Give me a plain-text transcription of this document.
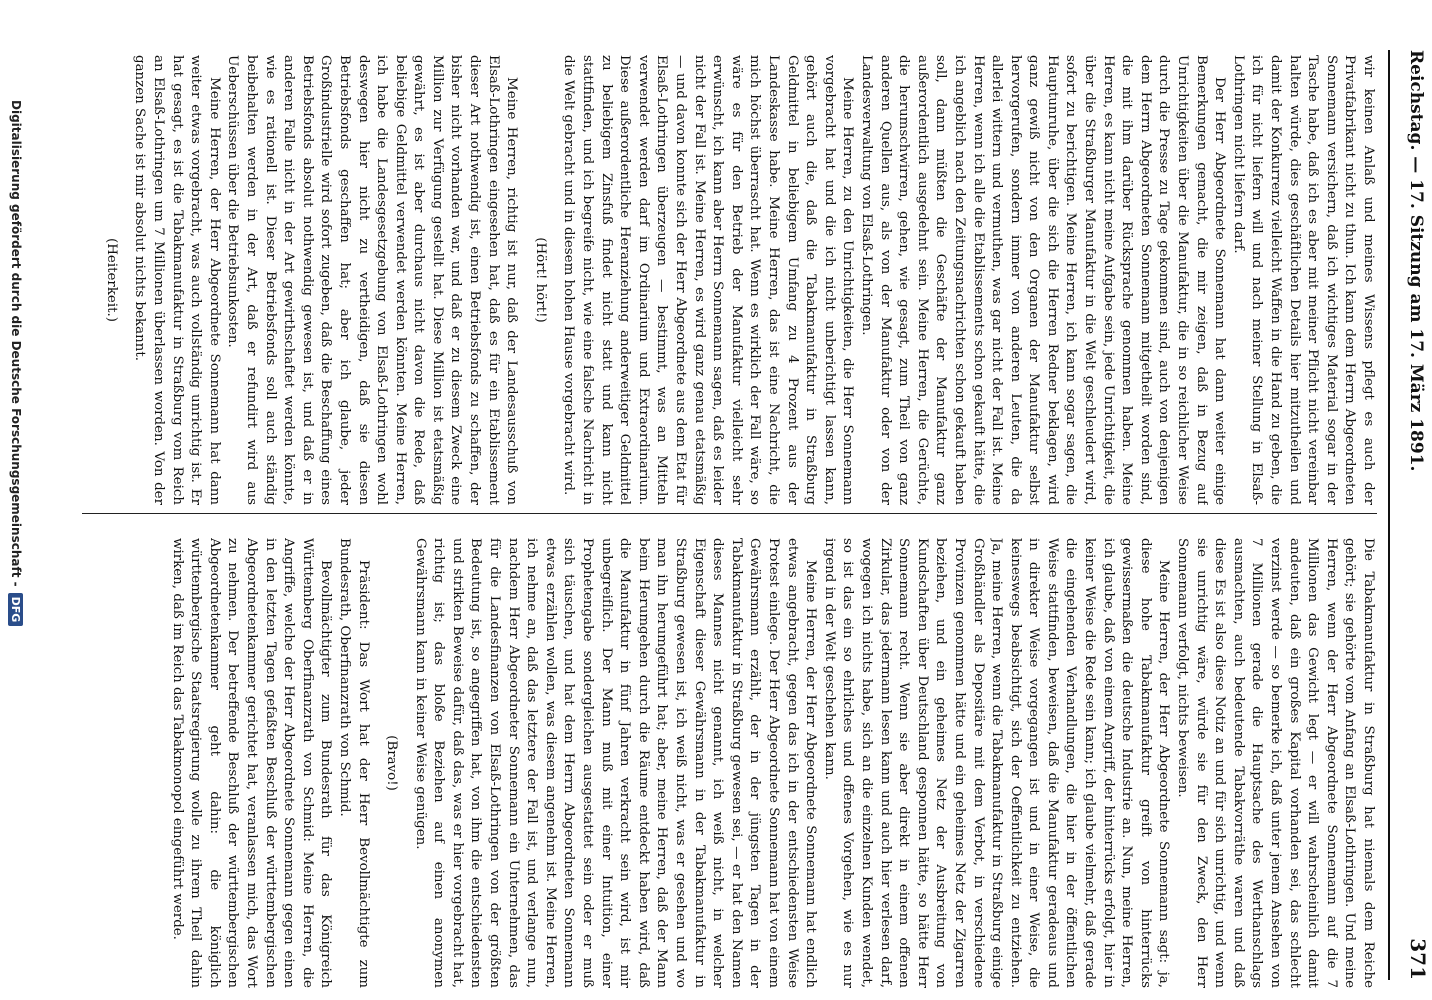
Reichstag. — 17. Sitzung am 17. März 1891.
371

wir keinen Anlaß und meines Wissens pflegt es auch der Privatfabrikant nicht zu thun. Ich kann dem Herrn Abgeordneten Sonnemann versichern, daß ich wichtiges Material sogar in der Tasche habe, daß ich es aber mit meiner Pflicht nicht vereinbar halten würde, dies geschäftlichen Details hier mitzutheilen und damit der Konkurrenz vielleicht Waffen in die Hand zu geben, die ich für nicht liefern will und nach meiner Stellung in Elsaß-Lothringen nicht liefern darf.

Der Herr Abgeordnete Sonnemann hat dann weiter einige Bemerkungen gemacht, die mir zeigen, daß in Bezug auf Unrichtigkeiten über die Manufaktur, die in so reichlicher Weise durch die Presse zu Tage gekommen sind, auch von denjenigen dem Herrn Abgeordneten Sonnemann mitgetheilt worden sind, die mit ihm darüber Rücksprache genommen haben. Meine Herren, es kann nicht meine Aufgabe sein, jede Unrichtigkeit, die über die Straßburger Manufaktur in die Welt geschleudert wird, sofort zu berichtigen. Meine Herren, ich kann sogar sagen, die Hauptunruhe, über die sich die Herren Redner beklagen, wird ganz gewiß nicht von den Organen der Manufaktur selbst hervorgerufen, sondern immer von anderen Leuten, die da allerlei wittern und vermuthen, was gar nicht der Fall ist. Meine Herren, wenn ich alle die Etablissements schon gekauft hätte, die ich angeblich nach den Zeitungsnachrichten schon gekauft haben soll, dann müßten die Geschäfte der Manufaktur ganz außerordentlich ausgedehnt sein. Meine Herren, die Gerüchte, die herumschwirren, gehen, wie gesagt, zum Theil von ganz anderen Quellen aus, als von der Manufaktur oder von der Landesverwaltung von Elsaß-Lothringen.

Meine Herren, zu den Unrichtigkeiten, die Herr Sonnemann vorgebracht hat und die ich nicht unberichtigt lassen kann, gehört auch die, daß die Tabakmanufaktur in Straßburg Geldmittel in beliebigem Umfang zu 4 Prozent aus der Landeskasse habe. Meine Herren, das ist eine Nachricht, die mich höchst überrascht hat. Wenn es wirklich der Fall wäre, so wäre es für den Betrieb der Manufaktur vielleicht sehr erwünscht, ich kann aber Herrn Sonnemann sagen, daß es leider nicht der Fall ist. Meine Herren, es wird ganz genau etatsmäßig — und davon konnte sich der Herr Abgeordnete aus dem Etat für Elsaß-Lothringen überzeugen — bestimmt, was an Mitteln verwendet werden darf im Ordinarium und Extraordinarium. Diese außerordentliche Heranziehung anderweitiger Geldmittel zu beliebigem Zinsfuß findet nicht statt und kann nicht stattfinden, und ich begreife nicht, wie eine falsche Nachricht in die Welt gebracht und in diesem hohen Hause vorgebracht wird.

(Hört! hört!)

Meine Herren, richtig ist nur, daß der Landesausschuß von Elsaß-Lothringen eingesehen hat, daß es für ein Etablissement dieser Art nothwendig ist, einen Betriebsfonds zu schaffen, der bisher nicht vorhanden war, und daß er zu diesem Zweck eine Million zur Verfügung gestellt hat. Diese Million ist etatsmäßig gewährt, es ist aber durchaus nicht davon die Rede, daß beliebige Geldmittel verwendet werden könnten. Meine Herren, ich habe die Landesgesetzgebung von Elsaß-Lothringen wohl deswegen hier nicht zu vertheidigen, daß sie diesen Betriebsfonds geschaffen hat; aber ich glaube, jeder Großindustrielle wird sofort zugeben, daß die Beschaffung eines Betriebsfonds absolut nothwendig gewesen ist, und daß er in anderen Falle nicht in der Art gewirthschaftet werden könnte, wie es rationell ist. Dieser Betriebsfonds soll auch ständig beibehalten werden in der Art, daß er refundirt wird aus Ueberschüssen über die Betriebsunkosten.

Meine Herren, der Herr Abgeordnete Sonnemann hat dann weiter etwas vorgebracht, was auch vollständig unrichtig ist. Er hat gesagt, es ist die Tabakmanufaktur in Straßburg vom Reich an Elsaß-Lothringen um 7 Millionen überlassen worden. Von der ganzen Sache ist mir absolut nichts bekannt.

(Heiterkeit.)

Die Tabakmanufaktur in Straßburg hat niemals dem Reiche gehört; sie gehörte vom Anfang an Elsaß-Lothringen. Und meine Herren, wenn der Herr Abgeordnete Sonnemann auf die 7 Millionen das Gewicht legt — er will wahrscheinlich damit andeuten, daß ein großes Kapital vorhanden sei, das schlecht verzinst werde — so bemerke ich, daß unter jenem Ansehen von 7 Millionen gerade die Hauptsache des Werthanschlags ausmachten, auch bedeutende Tabakvorräthe waren und daß diese Es ist also diese Notiz an und für sich unrichtig, und wenn sie unrichtig wäre, würde sie für den Zweck, den Herr Sonnemann verfolgt, nichts beweisen.

Meine Herren, der Herr Abgeordnete Sonnemann sagt: ja, diese hohe Tabakmanufaktur greift von hinterrücks gewissermaßen die deutsche Industrie an. Nun, meine Herren, ich glaube, daß von einem Angriff, der hinterrücks erfolgt, hier in keiner Weise die Rede sein kann; ich glaube vielmehr, daß gerade die eingehenden Verhandlungen, die hier in der öffentlichen Weise stattfinden, beweisen, daß die Manufaktur geradeaus und in direkter Weise vorgegangen ist und in einer Weise, die keineswegs beabsichtigt, sich der Oeffentlichkeit zu entziehen. Ja, meine Herren, wenn die Tabakmanufaktur in Straßburg einige Großhändler als Depositäre mit dem Verbot, in verschiedene Provinzen genommen hätte und ein geheimes Netz der Zigarren beziehen, und ein geheimes Netz der Ausbreitung von Kundschaften über Deutschland gesponnen hätte, so hätte Herr Sonnemann recht. Wenn sie aber direkt in einem offenen Zirkular, das jedermann lesen kann und auch hier verlesen darf, wogegen ich nichts habe, sich an die einzelnen Kunden wendet, so ist das ein so ehrliches und offenes Vorgehen, wie es nur irgend in der Welt geschehen kann.

Meine Herren, der Herr Abgeordnete Sonnemann hat endlich etwas angebracht, gegen das ich in der entschiedensten Weise Protest einlege. Der Herr Abgeordnete Sonnemann hat von einem Gewährsmann erzählt, der in der jüngsten Tagen in der Tabakmanufaktur in Straßburg gewesen sei, — er hat den Namen dieses Mannes nicht genannt, ich weiß nicht, in welcher Eigenschaft dieser Gewährsmann in der Tabakmanufaktur in Straßburg gewesen ist, ich weiß nicht, was er gesehen und wo man ihn herumgeführt hat; aber, meine Herren, daß der Mann beim Herumgehen durch die Räume entdeckt haben wird, daß die Manufaktur in fünf Jahren verkracht sein wird, ist mir unbegreiflich. Der Mann muß mit einer Intuition, einer Prophetengabe sondergleichen ausgestattet sein oder er muß sich täuschen, und hat dem Herrn Abgeordneten Sonnemann etwas erzählen wollen, was diesem angenehm ist. Meine Herren, ich nehme an, daß das letztere der Fall ist, und verlange nun, nachdem Herr Abgeordneter Sonnemann ein Unternehmen, das für die Landesfinanzen von Elsaß-Lothringen von der größten Bedeutung ist, so angegriffen hat, von ihm die entschiedensten und strikten Beweise dafür, daß das, was er hier vorgebracht hat, richtig ist; das bloße Beziehen auf einen anonymen Gewährsmann kann in keiner Weise genügen.

(Bravo!)

Präsident: Das Wort hat der Herr Bevollmächtigte zum Bundesrath, Oberfinanzrath von Schmid.

Bevollmächtigter zum Bundesrath für das Königreich Württemberg Oberfinanzrath von Schmid: Meine Herren, die Angriffe, welche der Herr Abgeordnete Sonnemann gegen einen in den letzten Tagen gefaßten Beschluß der württembergischen Abgeordnetenkammer gerichtet hat, veranlassen mich, das Wort zu nehmen. Der betreffende Beschluß der württembergischen Abgeordnetenkammer geht dahin: die königlich württembergische Staatsregierung wolle zu ihrem Theil dahin wirken, daß im Reich das Tabakmonopol eingeführt werde.

Digitalisierung gefördert durch die Deutsche Forschungsgemeinschaft -
DFG
